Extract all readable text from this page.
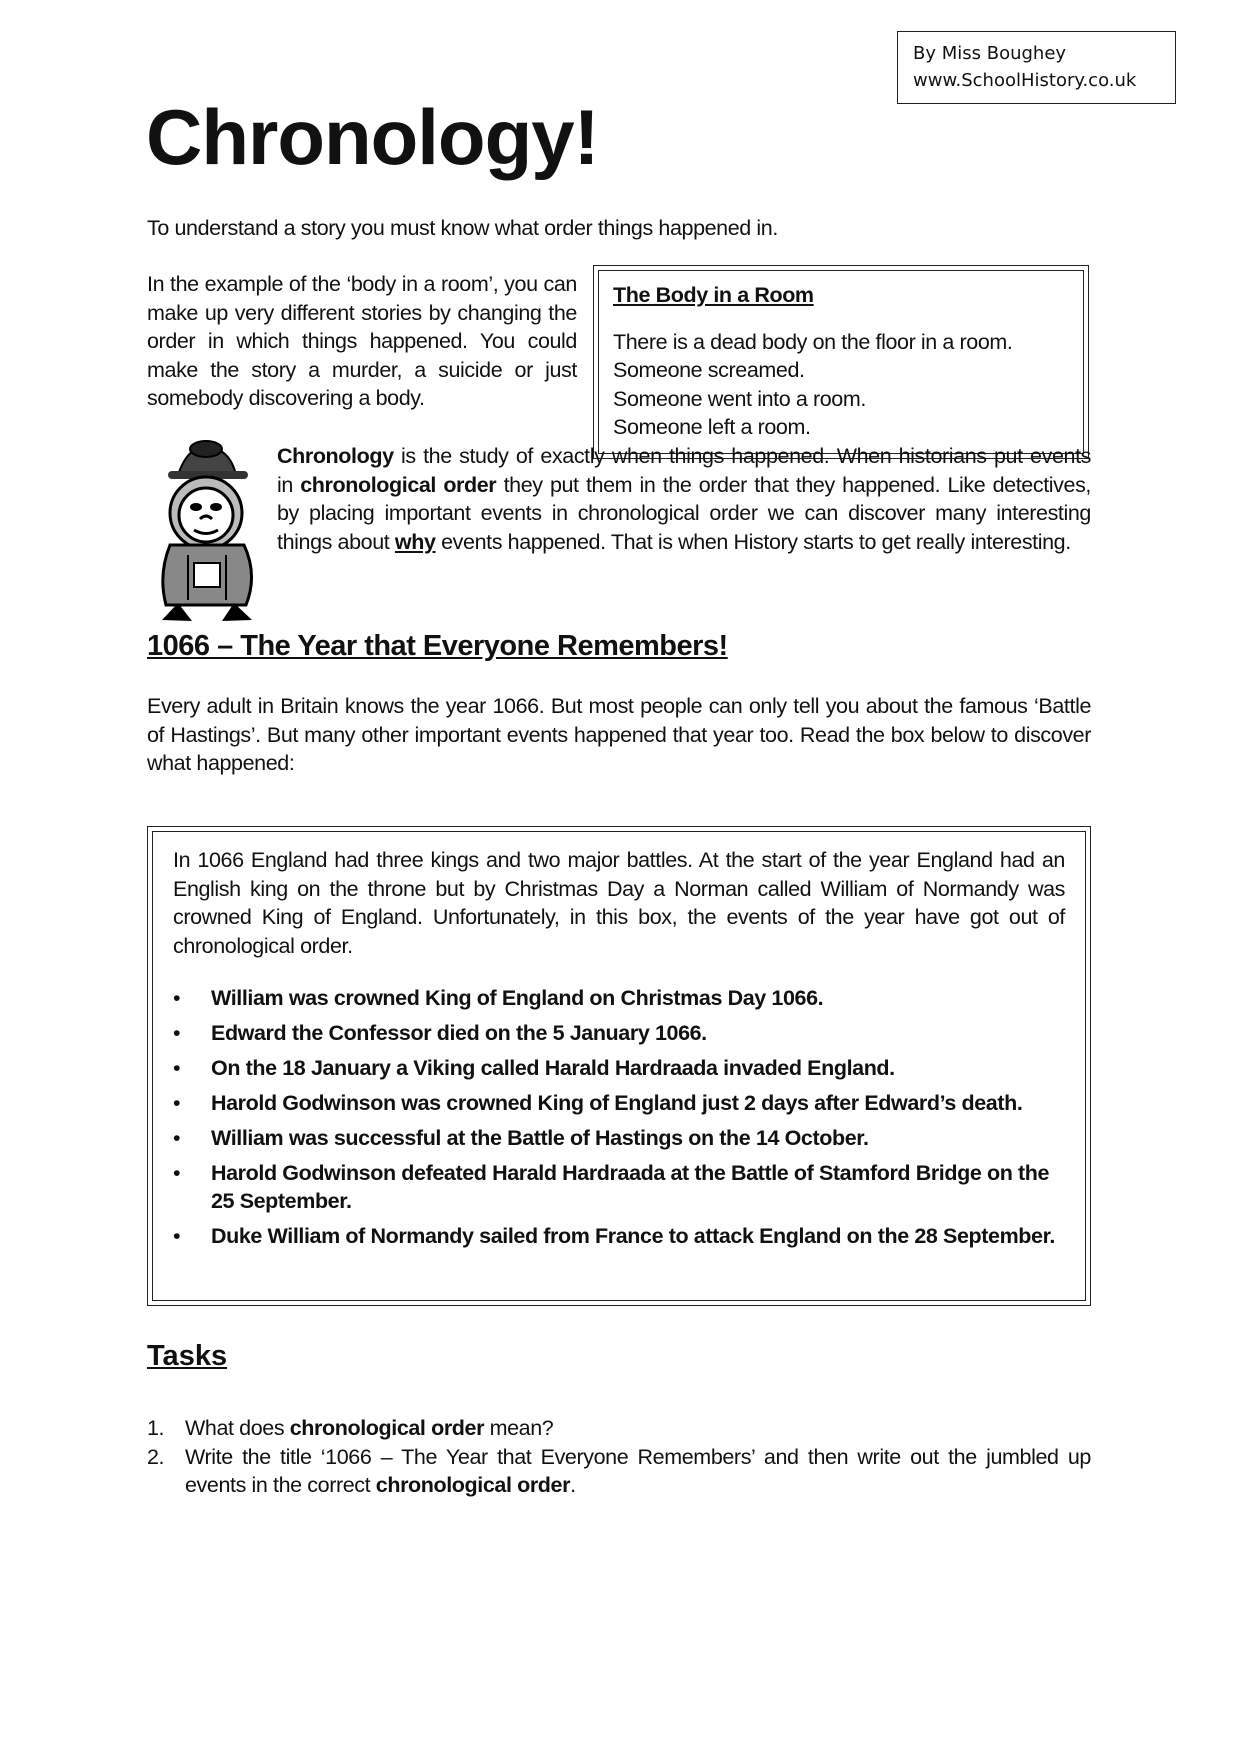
By Miss Boughey
www.SchoolHistory.co.uk
Chronology!
To understand a story you must know what order things happened in.
In the example of the ‘body in a room’, you can make up very different stories by changing the order in which things happened. You could make the story a murder, a suicide or just somebody discovering a body.
The Body in a Room
There is a dead body on the floor in a room.
Someone screamed.
Someone went into a room.
Someone left a room.
Chronology is the study of exactly when things happened. When historians put events in chronological order they put them in the order that they happened. Like detectives, by placing important events in chronological order we can discover many interesting things about why events happened. That is when History starts to get really interesting.
1066 – The Year that Everyone Remembers!
Every adult in Britain knows the year 1066. But most people can only tell you about the famous ‘Battle of Hastings’. But many other important events happened that year too. Read the box below to discover what happened:
In 1066 England had three kings and two major battles. At the start of the year England had an English king on the throne but by Christmas Day a Norman called William of Normandy was crowned King of England. Unfortunately, in this box, the events of the year have got out of chronological order.
• William was crowned King of England on Christmas Day 1066.
• Edward the Confessor died on the 5 January 1066.
• On the 18 January a Viking called Harald Hardraada invaded England.
• Harold Godwinson was crowned King of England just 2 days after Edward’s death.
• William was successful at the Battle of Hastings on the 14 October.
• Harold Godwinson defeated Harald Hardraada at the Battle of Stamford Bridge on the 25 September.
• Duke William of Normandy sailed from France to attack England on the 28 September.
Tasks
1. What does chronological order mean?
2. Write the title ‘1066 – The Year that Everyone Remembers’ and then write out the jumbled up events in the correct chronological order.
